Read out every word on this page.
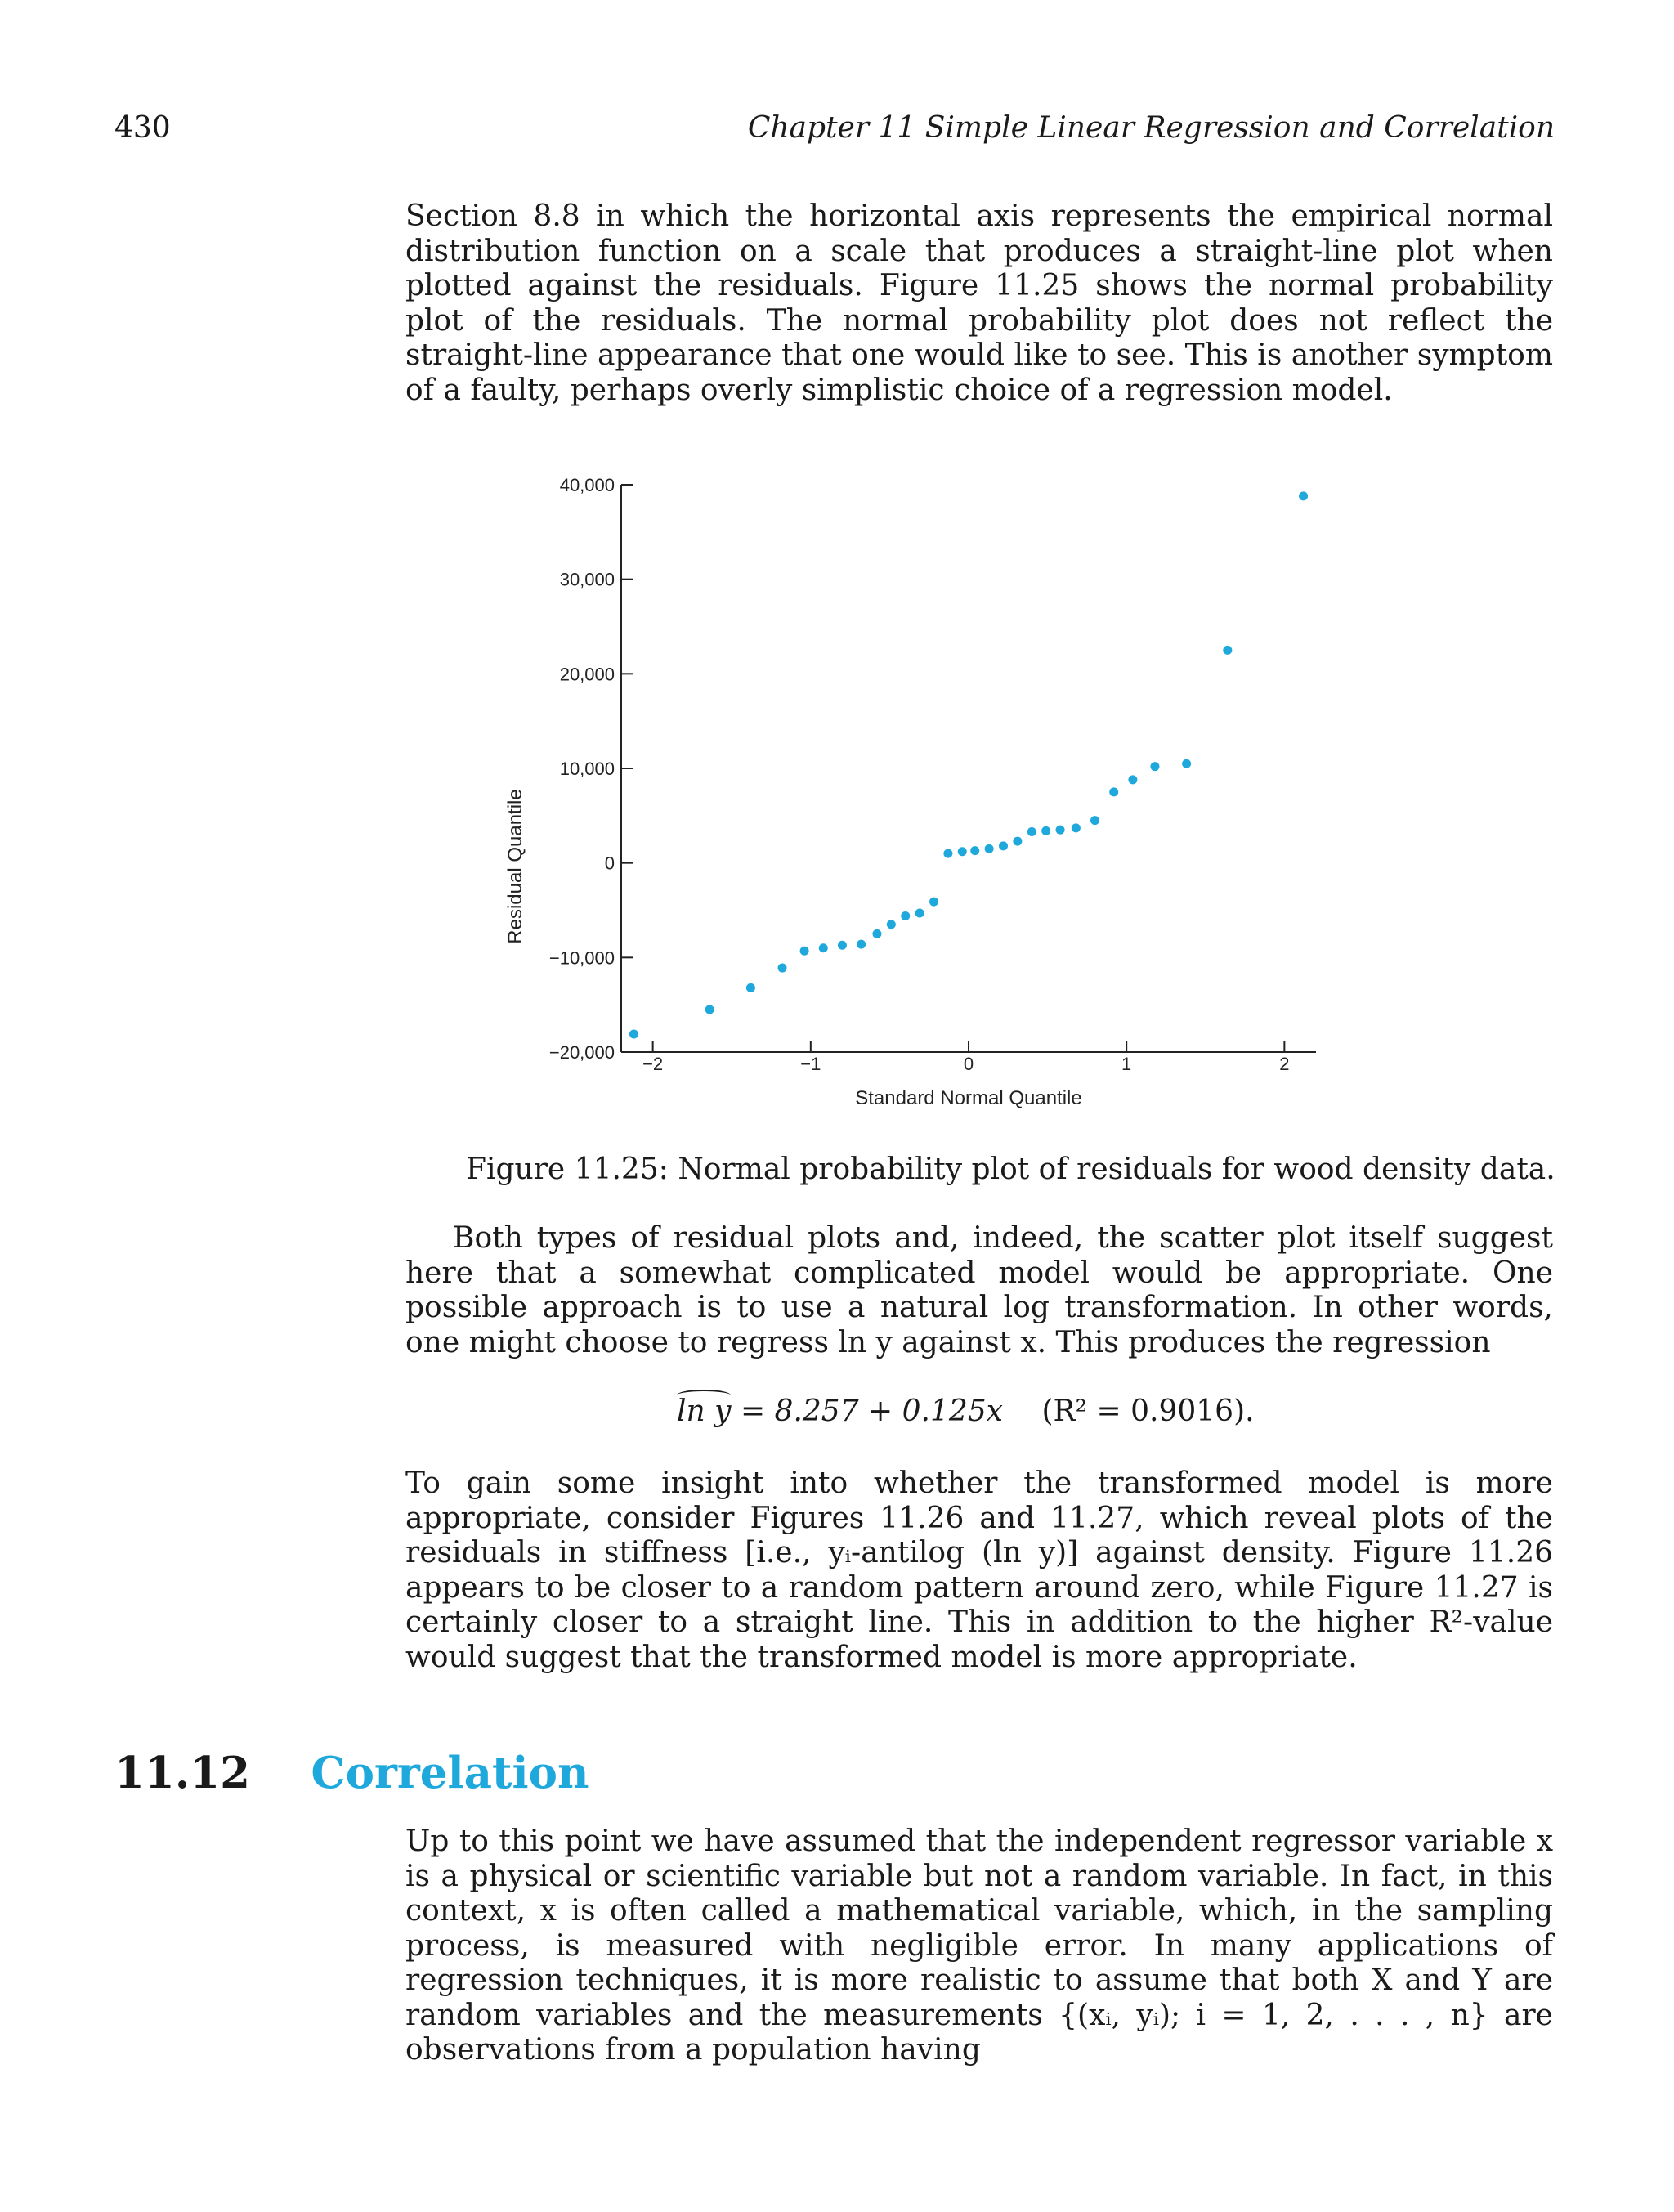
430	Chapter 11 Simple Linear Regression and Correlation

Section 8.8 in which the horizontal axis represents the empirical normal distribution function on a scale that produces a straight-line plot when plotted against the residuals. Figure 11.25 shows the normal probability plot of the residuals. The normal probability plot does not reflect the straight-line appearance that one would like to see. This is another symptom of a faulty, perhaps overly simplistic choice of a regression model.

−20,000
−10,000
0
10,000
20,000
30,000
40,000
−2	−1	0	1	2
Standard Normal Quantile
Residual Quantile

Figure 11.25: Normal probability plot of residuals for wood density data.

Both types of residual plots and, indeed, the scatter plot itself suggest here that a somewhat complicated model would be appropriate. One possible approach is to use a natural log transformation. In other words, one might choose to regress ln y against x. This produces the regression

ln y = 8.257 + 0.125x (R² = 0.9016).

To gain some insight into whether the transformed model is more appropriate, consider Figures 11.26 and 11.27, which reveal plots of the residuals in stiffness [i.e., yᵢ-antilog (ln y)] against density. Figure 11.26 appears to be closer to a random pattern around zero, while Figure 11.27 is certainly closer to a straight line. This in addition to the higher R²-value would suggest that the transformed model is more appropriate.

11.12 Correlation

Up to this point we have assumed that the independent regressor variable x is a physical or scientific variable but not a random variable. In fact, in this context, x is often called a mathematical variable, which, in the sampling process, is measured with negligible error. In many applications of regression techniques, it is more realistic to assume that both X and Y are random variables and the measurements {(xᵢ, yᵢ); i = 1, 2, . . . , n} are observations from a population having
